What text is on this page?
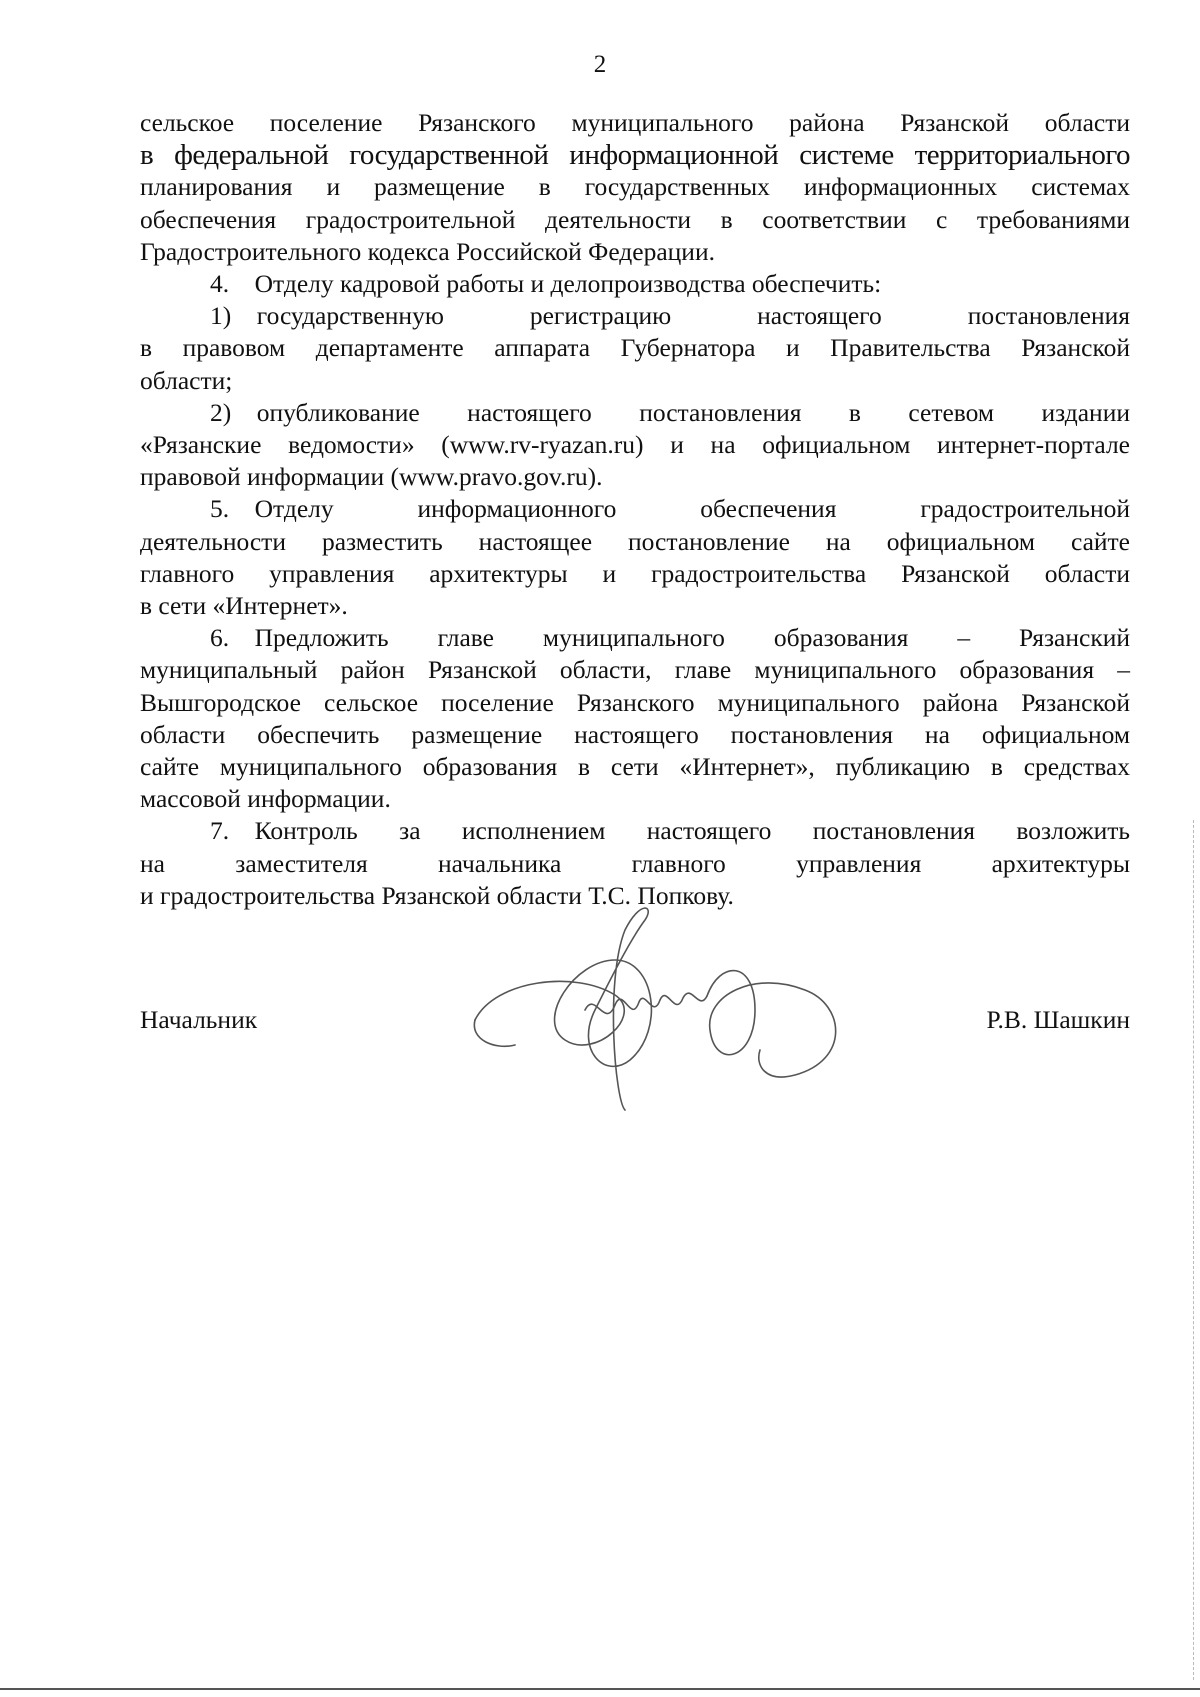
2

сельское поселение Рязанского муниципального района Рязанской области
в федеральной государственной информационной системе территориального
планирования и размещение в государственных информационных системах
обеспечения градостроительной деятельности в соответствии с требованиями
Градостроительного кодекса Российской Федерации.

4. Отделу кадровой работы и делопроизводства обеспечить:

1) государственную регистрацию настоящего постановления
в правовом департаменте аппарата Губернатора и Правительства Рязанской
области;

2) опубликование настоящего постановления в сетевом издании
«Рязанские ведомости» (www.rv-ryazan.ru) и на официальном интернет-портале
правовой информации (www.pravo.gov.ru).

5. Отделу информационного обеспечения градостроительной
деятельности разместить настоящее постановление на официальном сайте
главного управления архитектуры и градостроительства Рязанской области
в сети «Интернет».

6. Предложить главе муниципального образования – Рязанский
муниципальный район Рязанской области, главе муниципального образования –
Вышгородское сельское поселение Рязанского муниципального района Рязанской
области обеспечить размещение настоящего постановления на официальном
сайте муниципального образования в сети «Интернет», публикацию в средствах
массовой информации.

7. Контроль за исполнением настоящего постановления возложить
на заместителя начальника главного управления архитектуры
и градостроительства Рязанской области Т.С. Попкову.

Начальник	Р.В. Шашкин
